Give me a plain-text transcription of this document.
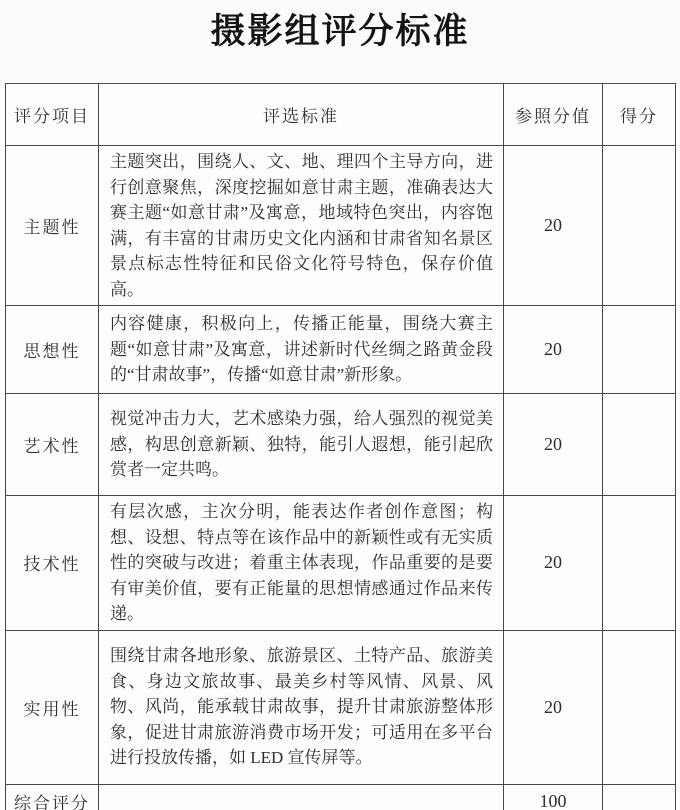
摄影组评分标准
评分项目	评选标准	参照分值	得分
主题性	主题突出，围绕人、文、地、理四个主导方向，进行创意聚焦，深度挖掘如意甘肃主题，准确表达大赛主题“如意甘肃”及寓意，地域特色突出，内容饱满，有丰富的甘肃历史文化内涵和甘肃省知名景区景点标志性特征和民俗文化符号特色，保存价值高。	20	
思想性	内容健康，积极向上，传播正能量，围绕大赛主题“如意甘肃”及寓意，讲述新时代丝绸之路黄金段的“甘肃故事”，传播“如意甘肃”新形象。	20	
艺术性	视觉冲击力大，艺术感染力强，给人强烈的视觉美感，构思创意新颖、独特，能引人遐想，能引起欣赏者一定共鸣。	20	
技术性	有层次感，主次分明，能表达作者创作意图；构想、设想、特点等在该作品中的新颖性或有无实质性的突破与改进；着重主体表现，作品重要的是要有审美价值，要有正能量的思想情感通过作品来传递。	20	
实用性	围绕甘肃各地形象、旅游景区、土特产品、旅游美食、身边文旅故事、最美乡村等风情、风景、风物、风尚，能承载甘肃故事，提升甘肃旅游整体形象，促进甘肃旅游消费市场开发；可适用在多平台进行投放传播，如 LED 宣传屏等。	20	
综合评分		100	
